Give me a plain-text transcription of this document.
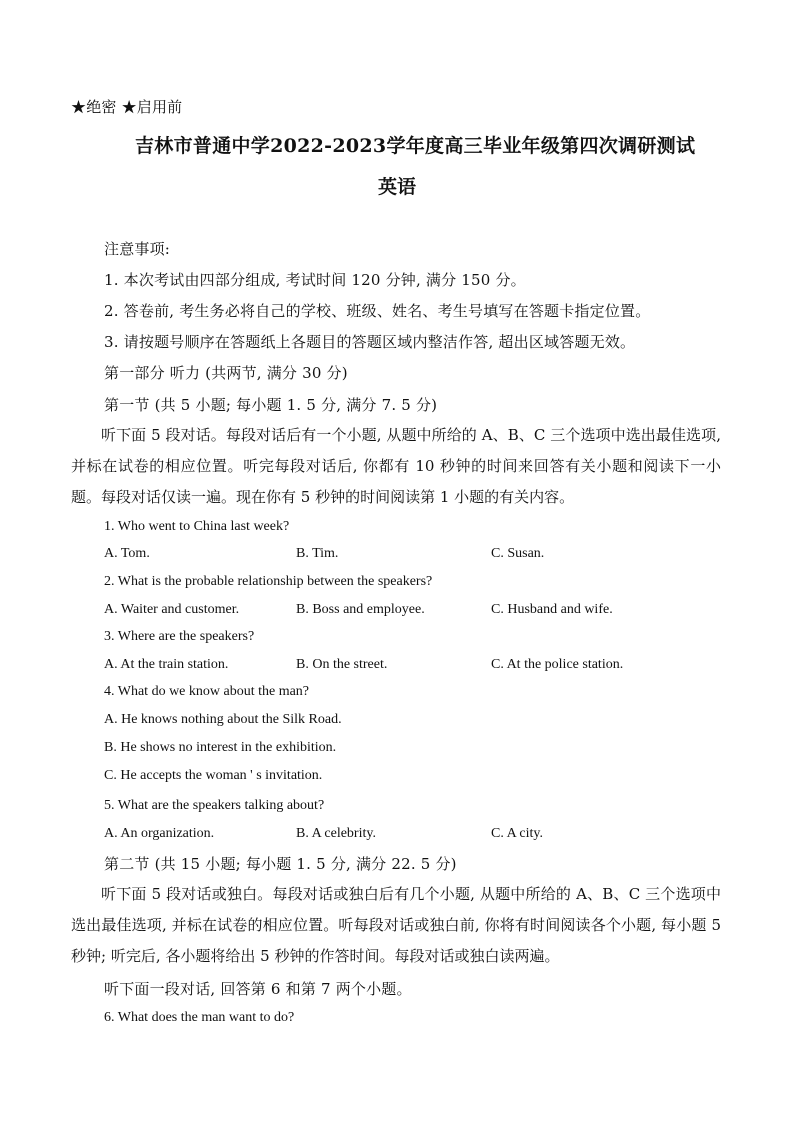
★绝密 ★启用前
吉林市普通中学2022-2023学年度高三毕业年级第四次调研测试
英语
注意事项:
1. 本次考试由四部分组成, 考试时间 120 分钟, 满分 150 分。
2. 答卷前, 考生务必将自己的学校、班级、姓名、考生号填写在答题卡指定位置。
3. 请按题号顺序在答题纸上各题目的答题区域内整洁作答, 超出区域答题无效。
第一部分 听力 (共两节, 满分 30 分)
第一节 (共 5 小题; 每小题 1. 5 分, 满分 7. 5 分)
听下面 5 段对话。每段对话后有一个小题, 从题中所给的 A、B、C 三个选项中选出最佳选项, 并标在试卷的相应位置。听完每段对话后, 你都有 10 秒钟的时间来回答有关小题和阅读下一小题。每段对话仅读一遍。现在你有 5 秒钟的时间阅读第 1 小题的有关内容。
1. Who went to China last week?
A. Tom.	B. Tim.	C. Susan.
2. What is the probable relationship between the speakers?
A. Waiter and customer.	B. Boss and employee.	C. Husband and wife.
3. Where are the speakers?
A. At the train station.	B. On the street.	C. At the police station.
4. What do we know about the man?
A. He knows nothing about the Silk Road.
B. He shows no interest in the exhibition.
C. He accepts the woman ' s invitation.
5. What are the speakers talking about?
A. An organization.	B. A celebrity.	C. A city.
第二节 (共 15 小题; 每小题 1. 5 分, 满分 22. 5 分)
听下面 5 段对话或独白。每段对话或独白后有几个小题, 从题中所给的 A、B、C 三个选项中选出最佳选项, 并标在试卷的相应位置。听每段对话或独白前, 你将有时间阅读各个小题, 每小题 5 秒钟; 听完后, 各小题将给出 5 秒钟的作答时间。每段对话或独白读两遍。
听下面一段对话, 回答第 6 和第 7 两个小题。
6. What does the man want to do?
